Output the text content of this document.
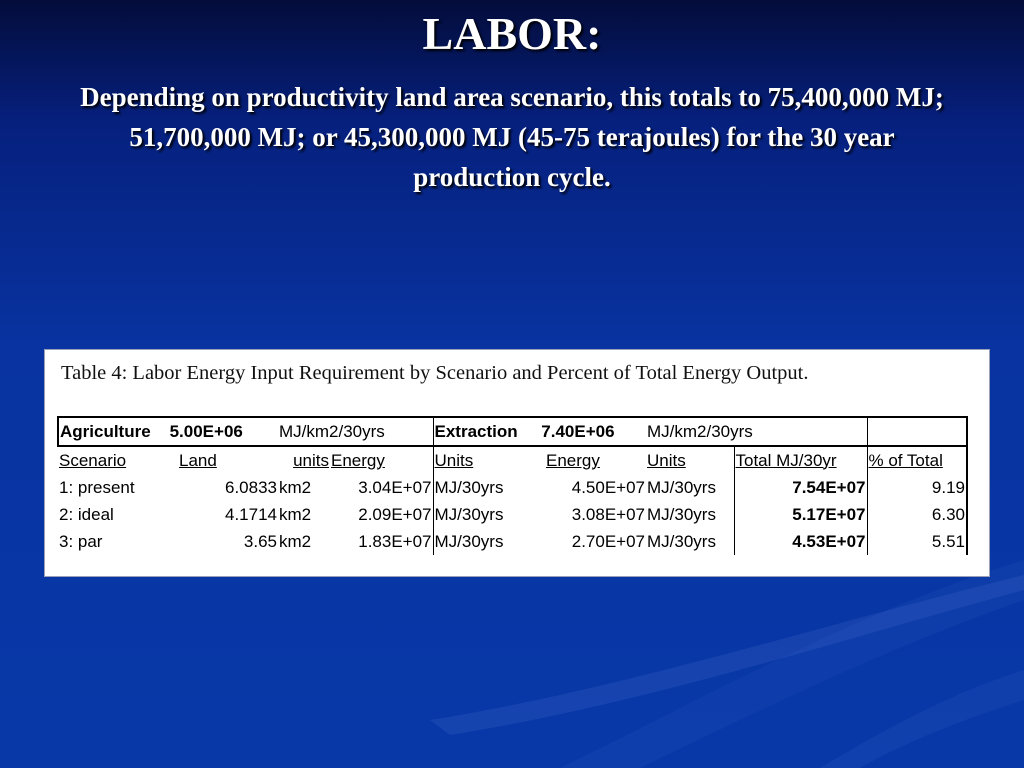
LABOR:
Depending on productivity land area scenario, this totals to 75,400,000 MJ; 51,700,000 MJ; or 45,300,000 MJ (45-75 terajoules) for the 30 year production cycle.
Table 4: Labor Energy Input Requirement by Scenario and Percent of Total Energy Output.
Agriculture 5.00E+06		MJ/km2/30yrs		Extraction 7.40E+06		MJ/km2/30yrs		
Scenario	Land	units	Energy	Units	Energy	Units	Total MJ/30yr	% of Total
1: present	6.0833	km2	3.04E+07	MJ/30yrs	4.50E+07	MJ/30yrs	7.54E+07	9.19
2: ideal	4.1714	km2	2.09E+07	MJ/30yrs	3.08E+07	MJ/30yrs	5.17E+07	6.30
3: par	3.65	km2	1.83E+07	MJ/30yrs	2.70E+07	MJ/30yrs	4.53E+07	5.51
